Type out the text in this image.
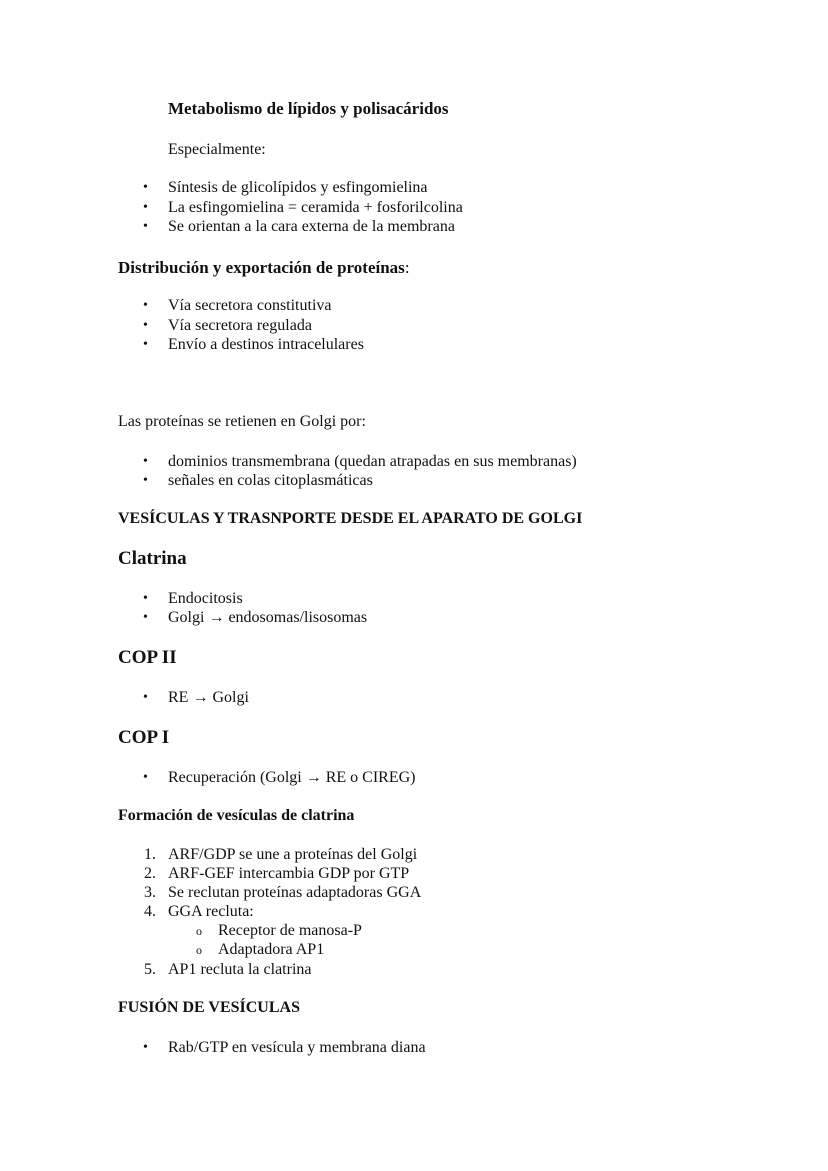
Metabolismo de lípidos y polisacáridos
Especialmente:
• Síntesis de glicolípidos y esfingomielina
• La esfingomielina = ceramida + fosforilcolina
• Se orientan a la cara externa de la membrana
Distribución y exportación de proteínas:
• Vía secretora constitutiva
• Vía secretora regulada
• Envío a destinos intracelulares
Las proteínas se retienen en Golgi por:
• dominios transmembrana (quedan atrapadas en sus membranas)
• señales en colas citoplasmáticas
VESÍCULAS Y TRASNPORTE DESDE EL APARATO DE GOLGI
Clatrina
• Endocitosis
• Golgi → endosomas/lisosomas
COP II
• RE → Golgi
COP I
• Recuperación (Golgi → RE o CIREG)
Formación de vesículas de clatrina
1. ARF/GDP se une a proteínas del Golgi
2. ARF-GEF intercambia GDP por GTP
3. Se reclutan proteínas adaptadoras GGA
4. GGA recluta:
o Receptor de manosa-P
o Adaptadora AP1
5. AP1 recluta la clatrina
FUSIÓN DE VESÍCULAS
• Rab/GTP en vesícula y membrana diana
